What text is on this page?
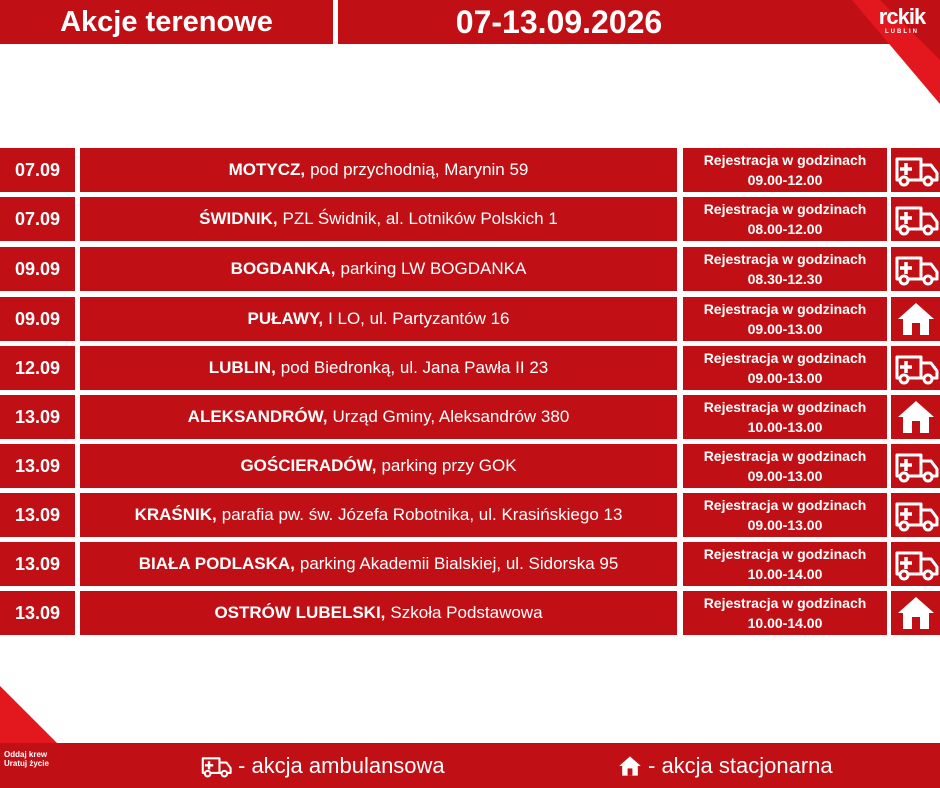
Akcje terenowe	07-13.09.2026	rckik
LUBLIN
07.09	MOTYCZ, pod przychodnią, Marynin 59	Rejestracja w godzinach
09.00-12.00
07.09	ŚWIDNIK, PZL Świdnik, al. Lotników Polskich 1	Rejestracja w godzinach
08.00-12.00
09.09	BOGDANKA, parking LW BOGDANKA	Rejestracja w godzinach
08.30-12.30
09.09	PUŁAWY, I LO, ul. Partyzantów 16	Rejestracja w godzinach
09.00-13.00
12.09	LUBLIN, pod Biedronką, ul. Jana Pawła II 23	Rejestracja w godzinach
09.00-13.00
13.09	ALEKSANDRÓW, Urząd Gminy, Aleksandrów 380	Rejestracja w godzinach
10.00-13.00
13.09	GOŚCIERADÓW, parking przy GOK	Rejestracja w godzinach
09.00-13.00
13.09	KRAŚNIK, parafia pw. św. Józefa Robotnika, ul. Krasińskiego 13	Rejestracja w godzinach
09.00-13.00
13.09	BIAŁA PODLASKA, parking Akademii Bialskiej, ul. Sidorska 95	Rejestracja w godzinach
10.00-14.00
13.09	OSTRÓW LUBELSKI, Szkoła Podstawowa	Rejestracja w godzinach
10.00-14.00
Oddaj krew
Uratuj życie	- akcja ambulansowa	- akcja stacjonarna
